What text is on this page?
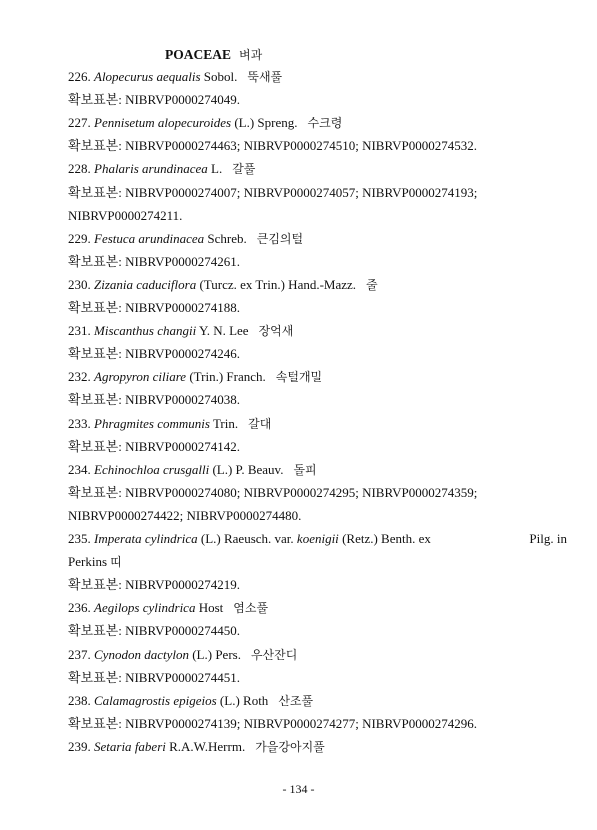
POACEAE 벼과
226. Alopecurus aequalis Sobol. 뚝새풀
확보표본: NIBRVP0000274049.
227. Pennisetum alopecuroides (L.) Spreng. 수크령
확보표본: NIBRVP0000274463; NIBRVP0000274510; NIBRVP0000274532.
228. Phalaris arundinacea L. 갈풀
확보표본: NIBRVP0000274007; NIBRVP0000274057; NIBRVP0000274193;
NIBRVP0000274211.
229. Festuca arundinacea Schreb. 큰김의털
확보표본: NIBRVP0000274261.
230. Zizania caduciflora (Turcz. ex Trin.) Hand.-Mazz. 줄
확보표본: NIBRVP0000274188.
231. Miscanthus changii Y. N. Lee 장억새
확보표본: NIBRVP0000274246.
232. Agropyron ciliare (Trin.) Franch. 속털개밀
확보표본: NIBRVP0000274038.
233. Phragmites communis Trin. 갈대
확보표본: NIBRVP0000274142.
234. Echinochloa crusgalli (L.) P. Beauv. 돌피
확보표본: NIBRVP0000274080; NIBRVP0000274295; NIBRVP0000274359;
NIBRVP0000274422; NIBRVP0000274480.
235. Imperata cylindrica (L.) Raeusch. var. koenigii (Retz.) Benth. ex	Pilg. in
Perkins 띠
확보표본: NIBRVP0000274219.
236. Aegilops cylindrica Host 염소풀
확보표본: NIBRVP0000274450.
237. Cynodon dactylon (L.) Pers. 우산잔디
확보표본: NIBRVP0000274451.
238. Calamagrostis epigeios (L.) Roth 산조풀
확보표본: NIBRVP0000274139; NIBRVP0000274277; NIBRVP0000274296.
239. Setaria faberi R.A.W.Herrm. 가을강아지풀
- 134 -
